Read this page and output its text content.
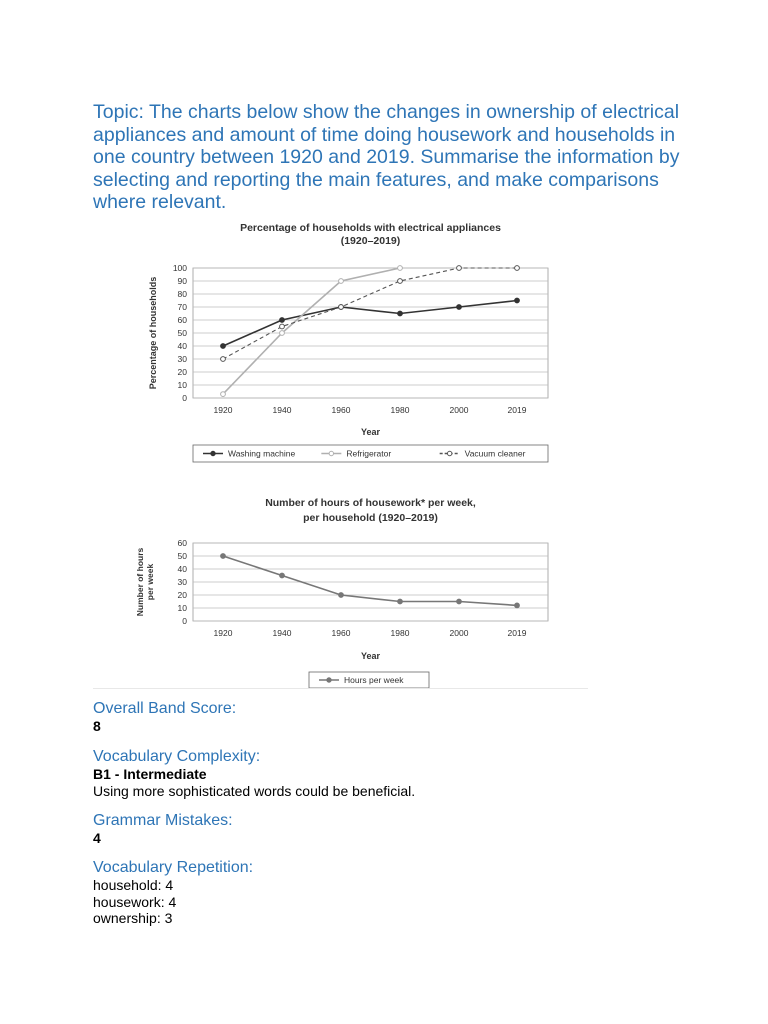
Topic: The charts below show the changes in ownership of electrical appliances and amount of time doing housework and households in one country between 1920 and 2019. Summarise the information by selecting and reporting the main features, and make comparisons where relevant.
Percentage of households with electrical appliances
(1920–2019)
0
10
20
30
40
50
60
70
80
90
100
1920	1940	1960	1980	2000	2019
Year
Percentage of households
Washing machine	Refrigerator	Vacuum cleaner
Number of hours of housework* per week,
per household (1920–2019)
0
10
20
30
40
50
60
1920	1940	1960	1980	2000	2019
Year
Number of hours per week
Hours per week
Overall Band Score:
8
Vocabulary Complexity:
B1 - Intermediate
Using more sophisticated words could be beneficial.
Grammar Mistakes:
4
Vocabulary Repetition:
household: 4
housework: 4
ownership: 3
